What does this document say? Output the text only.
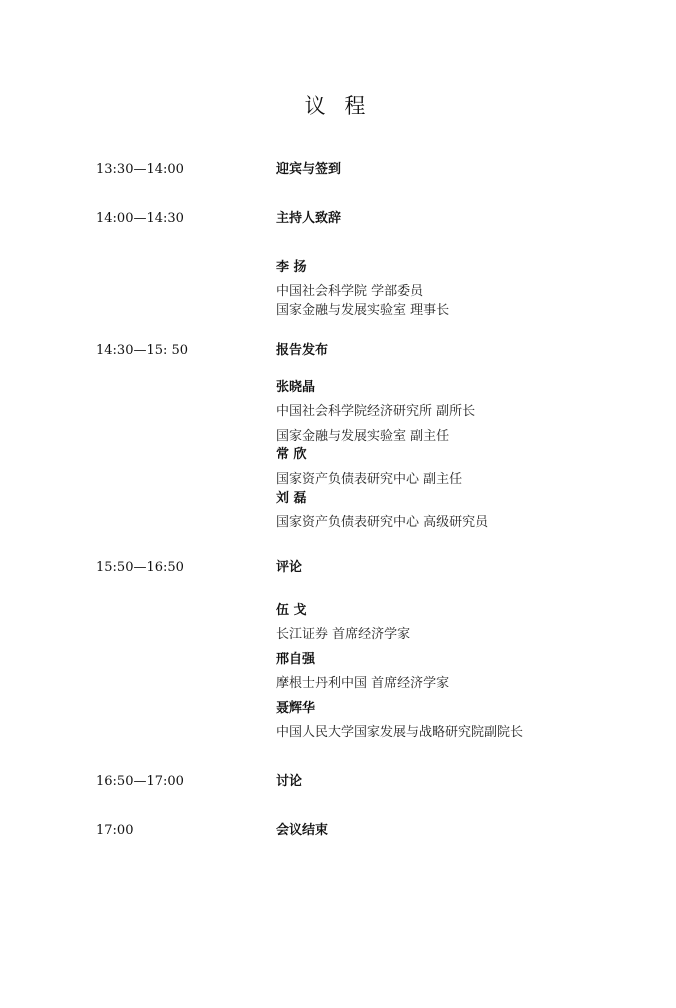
议 程
13:30—14:00	迎宾与签到
14:00—14:30	主持人致辞
李 扬
中国社会科学院 学部委员
国家金融与发展实验室 理事长
14:30—15: 50	报告发布
张晓晶
中国社会科学院经济研究所 副所长
国家金融与发展实验室 副主任
常 欣
国家资产负债表研究中心 副主任
刘 磊
国家资产负债表研究中心 高级研究员
15:50—16:50	评论
伍 戈
长江证券 首席经济学家
邢自强
摩根士丹利中国 首席经济学家
聂辉华
中国人民大学国家发展与战略研究院副院长
16:50—17:00	讨论
17:00	会议结束
